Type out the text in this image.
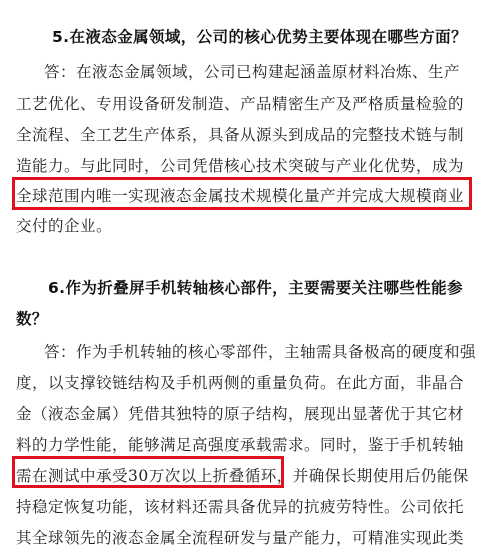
5.在液态金属领域，公司的核心优势主要体现在哪些方面？
答：在液态金属领域，公司已构建起涵盖原材料冶炼、生产
工艺优化、专用设备研发制造、产品精密生产及严格质量检验的
全流程、全工艺生产体系，具备从源头到成品的完整技术链与制
造能力。与此同时，公司凭借核心技术突破与产业化优势，成为
全球范围内唯一实现液态金属技术规模化量产并完成大规模商业
交付的企业。
6.作为折叠屏手机转轴核心部件，主要需要关注哪些性能参
数？
答：作为手机转轴的核心零部件，主轴需具备极高的硬度和强
度，以支撑铰链结构及手机两侧的重量负荷。在此方面，非晶合
金（液态金属）凭借其独特的原子结构，展现出显著优于其它材
料的力学性能，能够满足高强度承载需求。同时，鉴于手机转轴
需在测试中承受30万次以上折叠循环，并确保长期使用后仍能保
持稳定恢复功能，该材料还需具备优异的抗疲劳特性。公司依托
其全球领先的液态金属全流程研发与量产能力，可精准实现此类
